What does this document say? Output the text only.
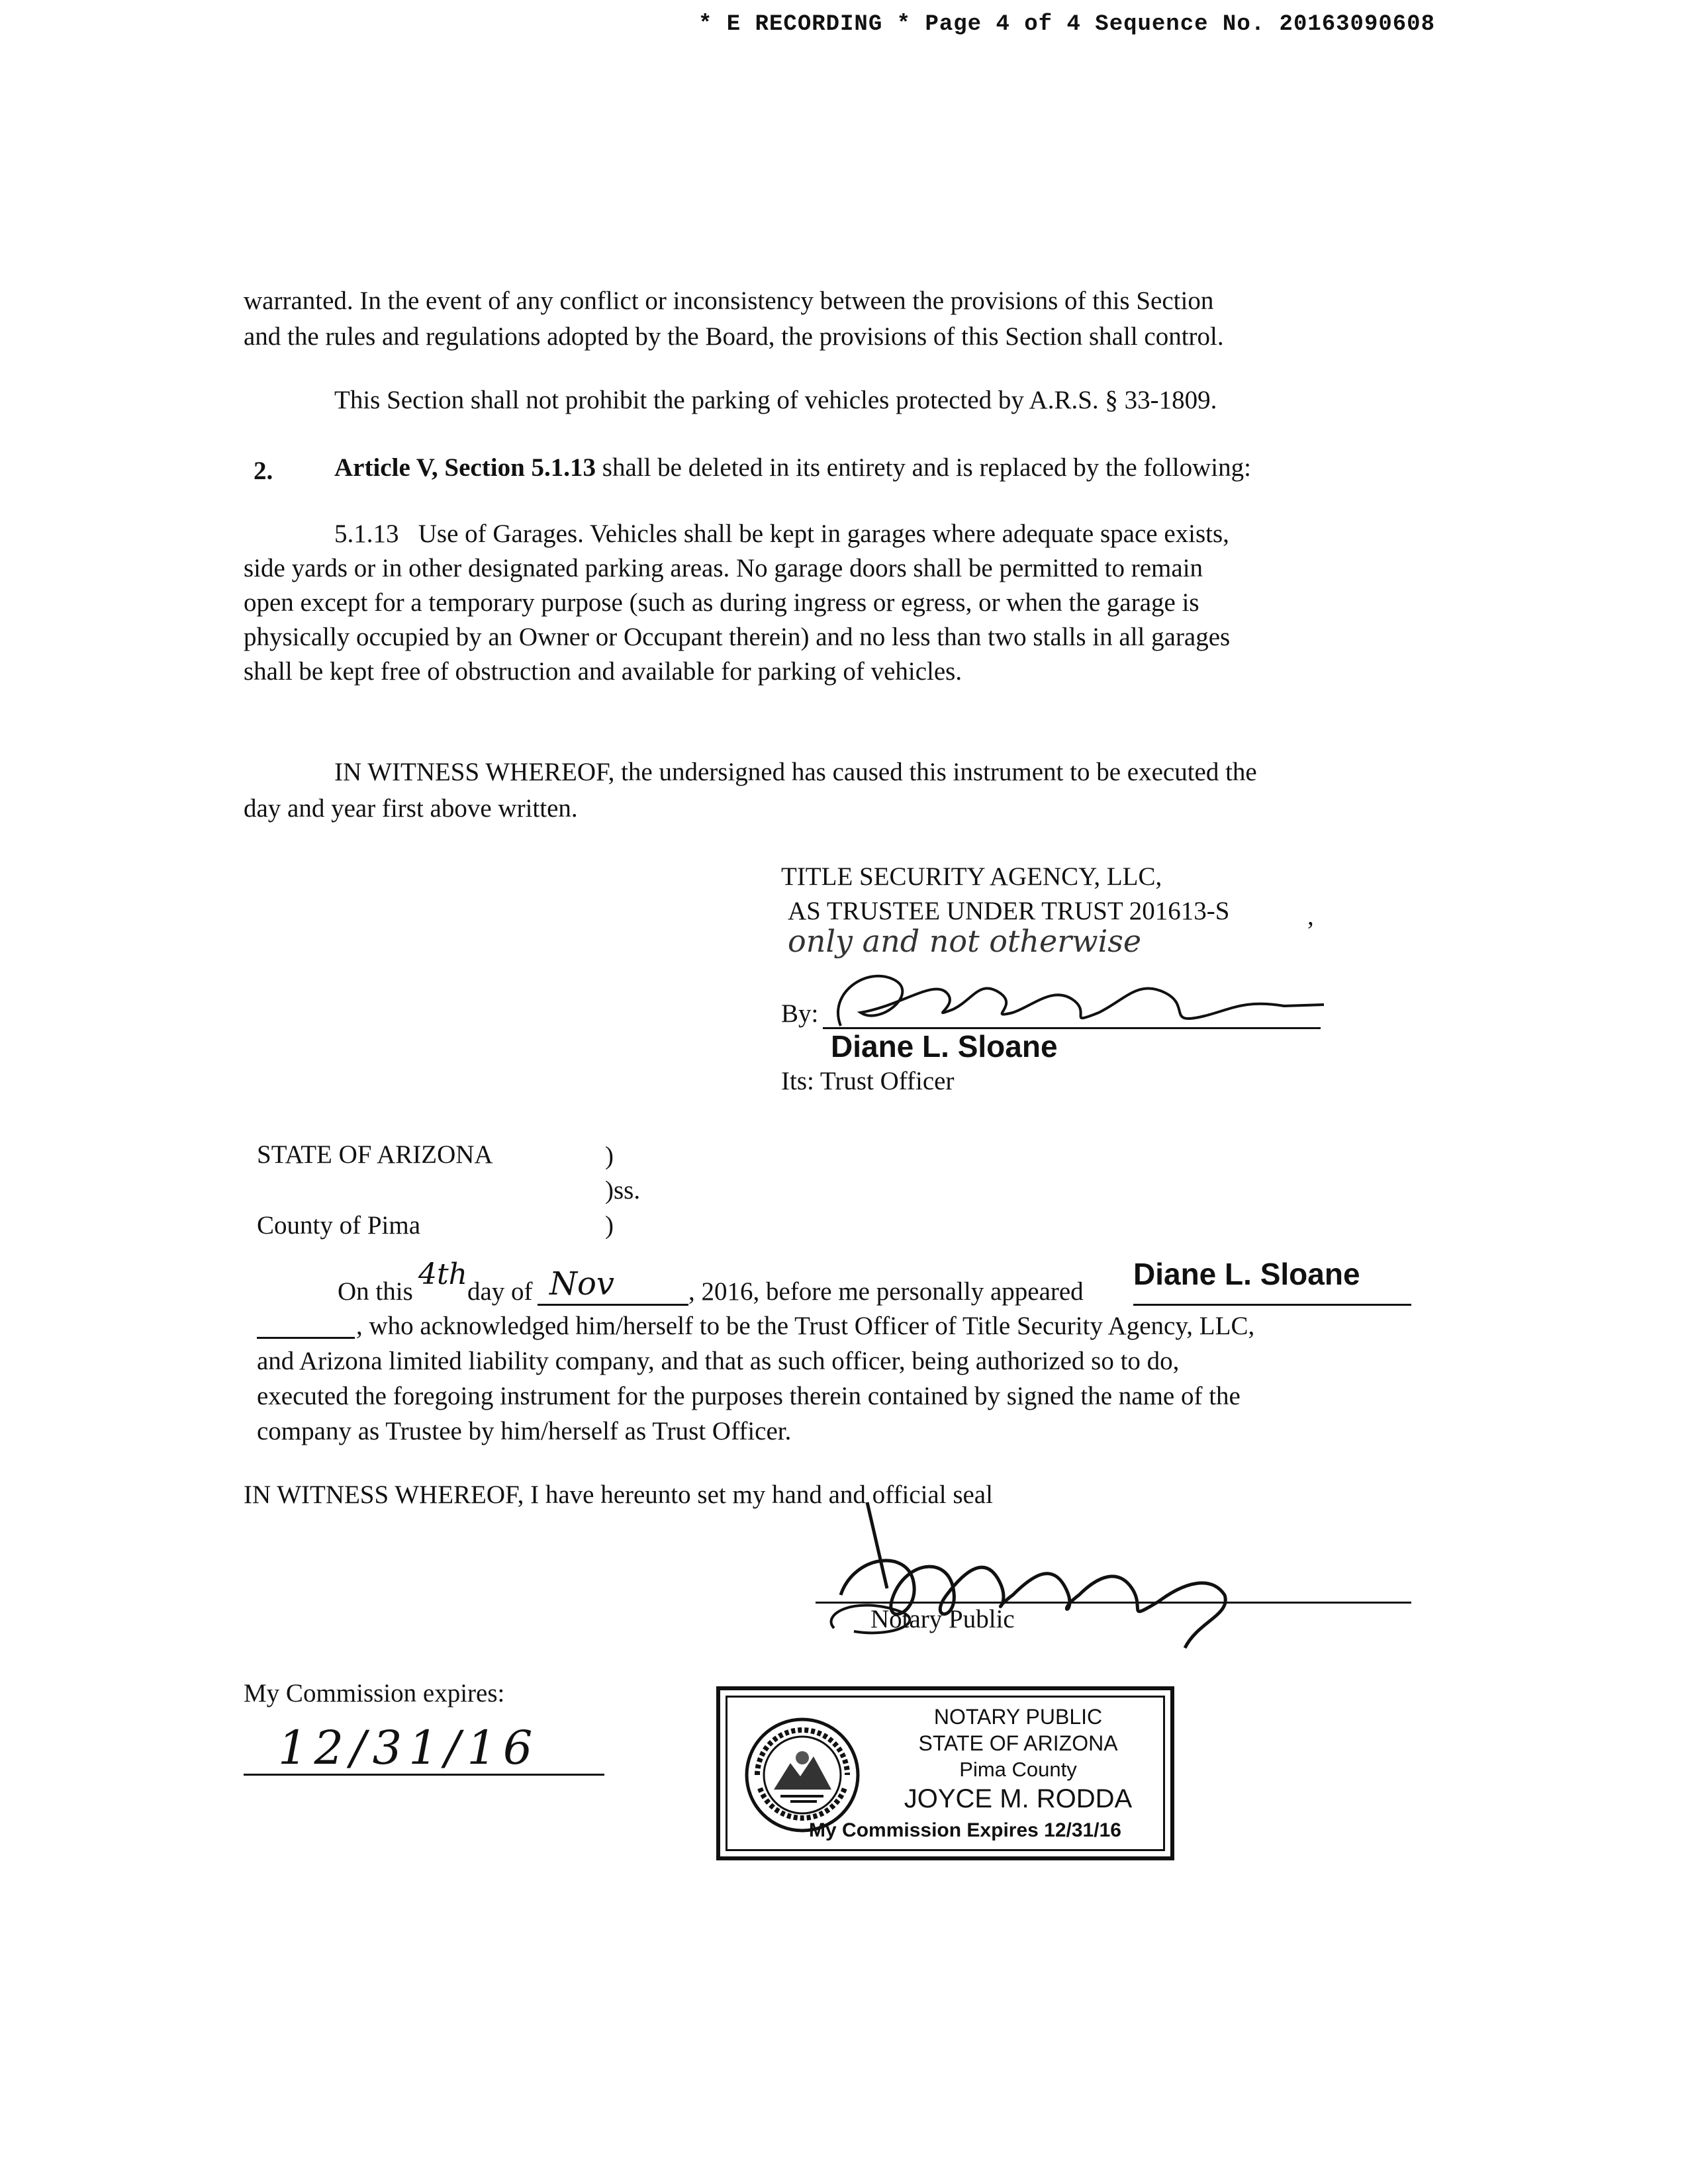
* E RECORDING * Page 4 of 4 Sequence No. 20163090608
warranted. In the event of any conflict or inconsistency between the provisions of this Section
and the rules and regulations adopted by the Board, the provisions of this Section shall control.
This Section shall not prohibit the parking of vehicles protected by A.R.S. § 33-1809.
2. Article V, Section 5.1.13 shall be deleted in its entirety and is replaced by the following:
5.1.13   Use of Garages. Vehicles shall be kept in garages where adequate space exists,
side yards or in other designated parking areas. No garage doors shall be permitted to remain
open except for a temporary purpose (such as during ingress or egress, or when the garage is
physically occupied by an Owner or Occupant therein) and no less than two stalls in all garages
shall be kept free of obstruction and available for parking of vehicles.
IN WITNESS WHEREOF, the undersigned has caused this instrument to be executed the
day and year first above written.
TITLE SECURITY AGENCY, LLC,
AS TRUSTEE UNDER TRUST 201613-S	,
only and not otherwise
By:
Diane L. Sloane
Its: Trust Officer
STATE OF ARIZONA	)
)ss.
County of Pima	)
On this
4th
day of Nov	, 2016, before me personally appeared
Diane L. Sloane
, who acknowledged him/herself to be the Trust Officer of Title Security Agency, LLC,
and Arizona limited liability company, and that as such officer, being authorized so to do,
executed the foregoing instrument for the purposes therein contained by signed the name of the
company as Trustee by him/herself as Trust Officer.
IN WITNESS WHEREOF, I have hereunto set my hand and official seal
Notary Public
My Commission expires:
12/31/16
NOTARY PUBLIC
STATE OF ARIZONA
Pima County
JOYCE M. RODDA
My Commission Expires 12/31/16
